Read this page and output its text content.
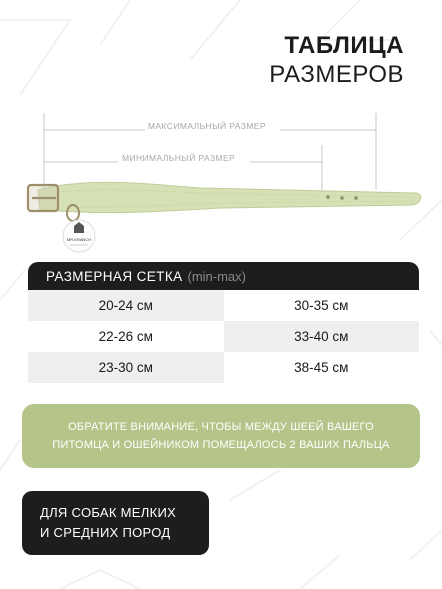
ТАБЛИЦА
РАЗМЕРОВ
MR.KRANCH
МАКСИМАЛЬНЫЙ РАЗМЕР
МИНИМАЛЬНЫЙ РАЗМЕР
РАЗМЕРНАЯ СЕТКА (min-max)
20-24 см	30-35 см
22-26 см	33-40 см
23-30 см	38-45 см
ОБРАТИТЕ ВНИМАНИЕ, ЧТОБЫ МЕЖДУ ШЕЕЙ ВАШЕГО
ПИТОМЦА И ОШЕЙНИКОМ ПОМЕЩАЛОСЬ 2 ВАШИХ ПАЛЬЦА
ДЛЯ СОБАК МЕЛКИХ
И СРЕДНИХ ПОРОД
